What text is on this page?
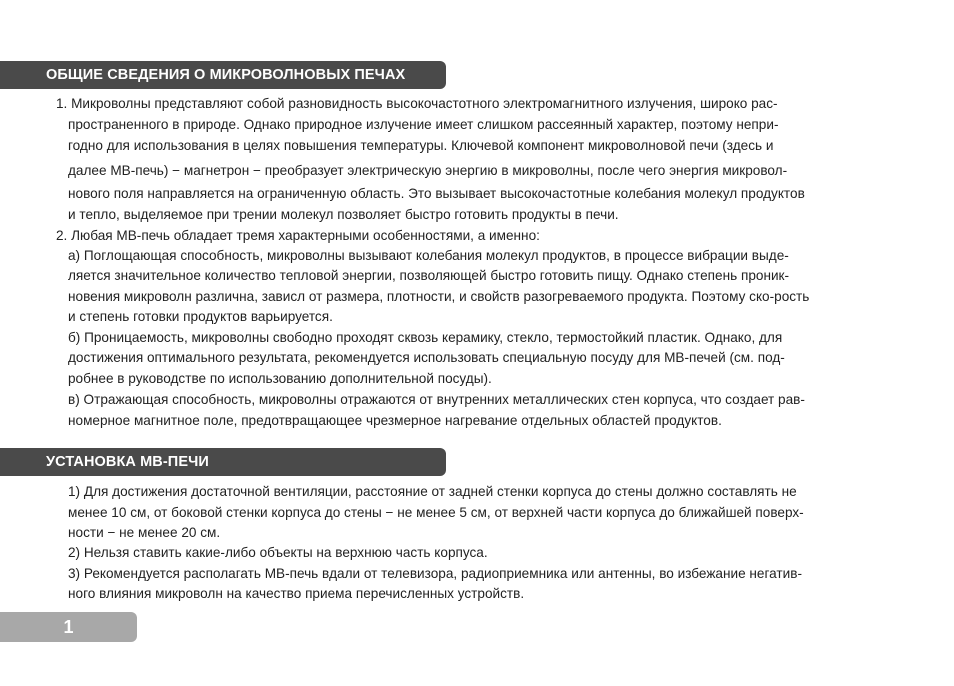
ОБЩИЕ СВЕДЕНИЯ О МИКРОВОЛНОВЫХ ПЕЧАХ
1. Микроволны представляют собой разновидность высокочастотного электромагнитного излучения, широко рас-
пространенного в природе. Однако природное излучение имеет слишком рассеянный характер, поэтому непри-
годно для использования в целях повышения температуры. Ключевой компонент микроволновой печи (здесь и
далее МВ-печь) − магнетрон − преобразует электрическую энергию в микроволны, после чего энергия микровол-
нового поля направляется на ограниченную область. Это вызывает высокочастотные колебания молекул продуктов
и тепло, выделяемое при трении молекул позволяет быстро готовить продукты в печи.
2. Любая МВ-печь обладает тремя характерными особенностями, а именно:
а) Поглощающая способность, микроволны вызывают колебания молекул продуктов, в процессе вибрации выде-
ляется значительное количество тепловой энергии, позволяющей быстро готовить пищу. Однако степень проник-
новения микроволн различна, зависл от размера, плотности, и свойств разогреваемого продукта. Поэтому ско-рость
и степень готовки продуктов варьируется.
б) Проницаемость, микроволны свободно проходят сквозь керамику, стекло, термостойкий пластик. Однако, для
достижения оптимального результата, рекомендуется использовать специальную посуду для МВ-печей (см. под-
робнее в руководстве по использованию дополнительной посуды).
в) Отражающая способность, микроволны отражаются от внутренних металлических стен корпуса, что создает рав-
номерное магнитное поле, предотвращающее чрезмерное нагревание отдельных областей продуктов.
УСТАНОВКА МВ-ПЕЧИ
1) Для достижения достаточной вентиляции, расстояние от задней стенки корпуса до стены должно составлять не
менее 10 см, от боковой стенки корпуса до стены − не менее 5 см, от верхней части корпуса до ближайшей поверх-
ности − не менее 20 см.
2) Нельзя ставить какие-либо объекты на верхнюю часть корпуса.
3) Рекомендуется располагать МВ-печь вдали от телевизора, радиоприемника или антенны, во избежание негатив-
ного влияния микроволн на качество приема перечисленных устройств.
1
